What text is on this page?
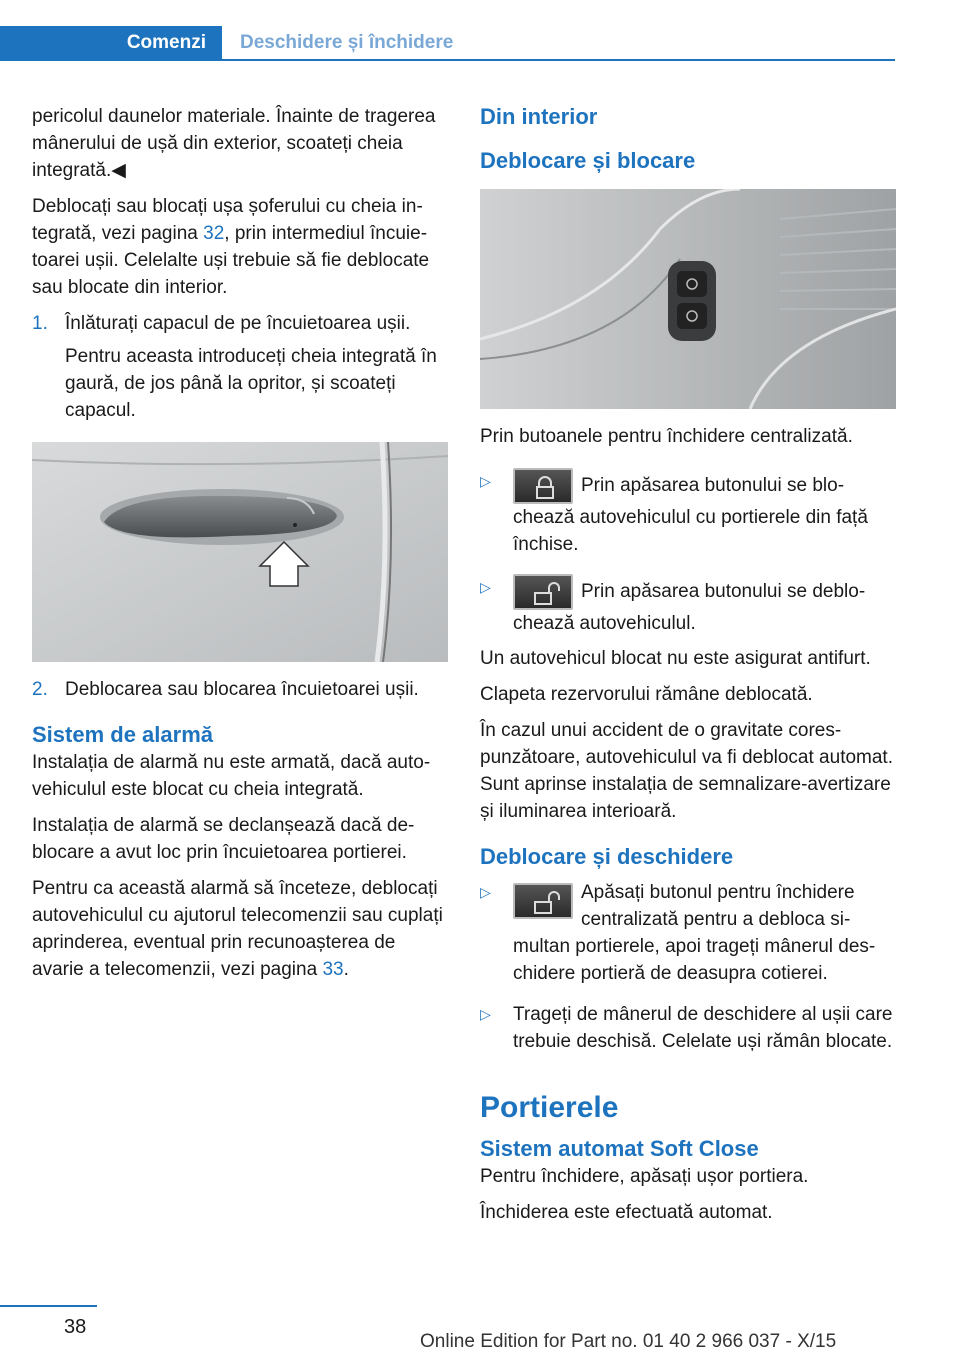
Comenzi Deschidere și închidere

pericolul daunelor materiale. Înainte de tragerea mânerului de ușă din exterior, scoateți cheia integrată.◀

Deblocați sau blocați ușa șoferului cu cheia integrată, vezi pagina 32, prin intermediul încuietoarei ușii. Celelalte uși trebuie să fie deblocate sau blocate din interior.

1. Înlăturați capacul de pe încuietoarea ușii.

Pentru aceasta introduceți cheia integrată în gaură, de jos până la opritor, și scoateți capacul.

2. Deblocarea sau blocarea încuietoarei ușii.
Sistem de alarmă

Instalația de alarmă nu este armată, dacă autovehiculul este blocat cu cheia integrată.

Instalația de alarmă se declanșează dacă deblocare a avut loc prin încuietoarea portierei.

Pentru ca această alarmă să înceteze, deblocați autovehiculul cu ajutorul telecomenzii sau cuplați aprinderea, eventual prin recunoașterea de avarie a telecomenzii, vezi pagina 33.

Din interior
Deblocare și blocare

Prin butoanele pentru închidere centralizată.

▷	Prin apăsarea butonului se blochează autovehiculul cu portierele din față închise.
▷	Prin apăsarea butonului se deblochează autovehiculul.

Un autovehicul blocat nu este asigurat antifurt.

Clapeta rezervorului rămâne deblocată.

În cazul unui accident de o gravitate corespunzătoare, autovehiculul va fi deblocat automat. Sunt aprinse instalația de semnalizare-avertizare și iluminarea interioară.

Deblocare și deschidere
▷	Apăsați butonul pentru închidere centralizată pentru a debloca simultan portierele, apoi trageți mânerul deschidere portieră de deasupra cotierei.
▷	Trageți de mânerul de deschidere al ușii care trebuie deschisă. Celelate uși rămân blocate.
Portierele
Sistem automat Soft Close

Pentru închidere, apăsați ușor portiera.

Închiderea este efectuată automat.

38
Online Edition for Part no. 01 40 2 966 037 - X/15
